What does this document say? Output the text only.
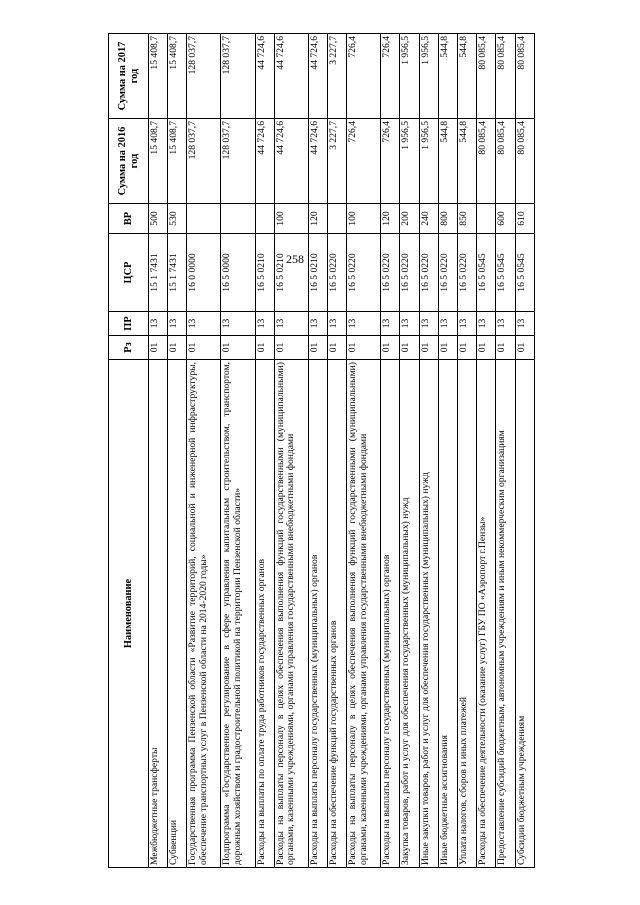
258
Наименование	Рз	ПР	ЦСР	ВР	Сумма на 2016 год	Сумма на 2017 год
Межбюджетные трансферты	01	13	15 1 7431	500	15 408,7	15 408,7
Субвенции	01	13	15 1 7431	530	15 408,7	15 408,7
Государственная программа Пензенской области «Развитие территорий, социальной и инженерной инфраструктуры, обеспечение транспортных услуг в Пензенской области на 2014-2020 годы»	01	13	16 0 0000		128 037,7	128 037,7
Подпрограмма «Государственное регулирование в сфере управления капитальным строительством, транспортом, дорожным хозяйством и градостроительной политикой на территории Пензенской области»	01	13	16 5 0000		128 037,7	128 037,7
Расходы на выплаты по оплате труда работников государственных органов	01	13	16 5 0210		44 724,6	44 724,6
Расходы на выплаты персоналу в целях обеспечения выполнения функций государственными (муниципальными) органами, казенными учреждениями, органами управления государственными внебюджетными фондами	01	13	16 5 0210	100	44 724,6	44 724,6
Расходы на выплаты персоналу государственных (муниципальных) органов	01	13	16 5 0210	120	44 724,6	44 724,6
Расходы на обеспечение функций государственных органов	01	13	16 5 0220		3 227,7	3 227,7
Расходы на выплаты персоналу в целях обеспечения выполнения функций государственными (муниципальными) органами, казенными учреждениями, органами управления государственными внебюджетными фондами	01	13	16 5 0220	100	726,4	726,4
Расходы на выплаты персоналу государственных (муниципальных) органов	01	13	16 5 0220	120	726,4	726,4
Закупка товаров, работ и услуг для обеспечения государственных (муниципальных) нужд	01	13	16 5 0220	200	1 956,5	1 956,5
Иные закупки товаров, работ и услуг для обеспечения государственных (муниципальных) нужд	01	13	16 5 0220	240	1 956,5	1 956,5
Иные бюджетные ассигнования	01	13	16 5 0220	800	544,8	544,8
Уплата налогов, сборов и иных платежей	01	13	16 5 0220	850	544,8	544,8
Расходы на обеспечение деятельности (оказание услуг) ГБУ ПО «Аэропорт г.Пензы»	01	13	16 5 0545		80 085,4	80 085,4
Предоставление субсидий бюджетным, автономным учреждениям и иным некоммерческим организациям	01	13	16 5 0545	600	80 085,4	80 085,4
Субсидии бюджетным учреждениям	01	13	16 5 0545	610	80 085,4	80 085,4
